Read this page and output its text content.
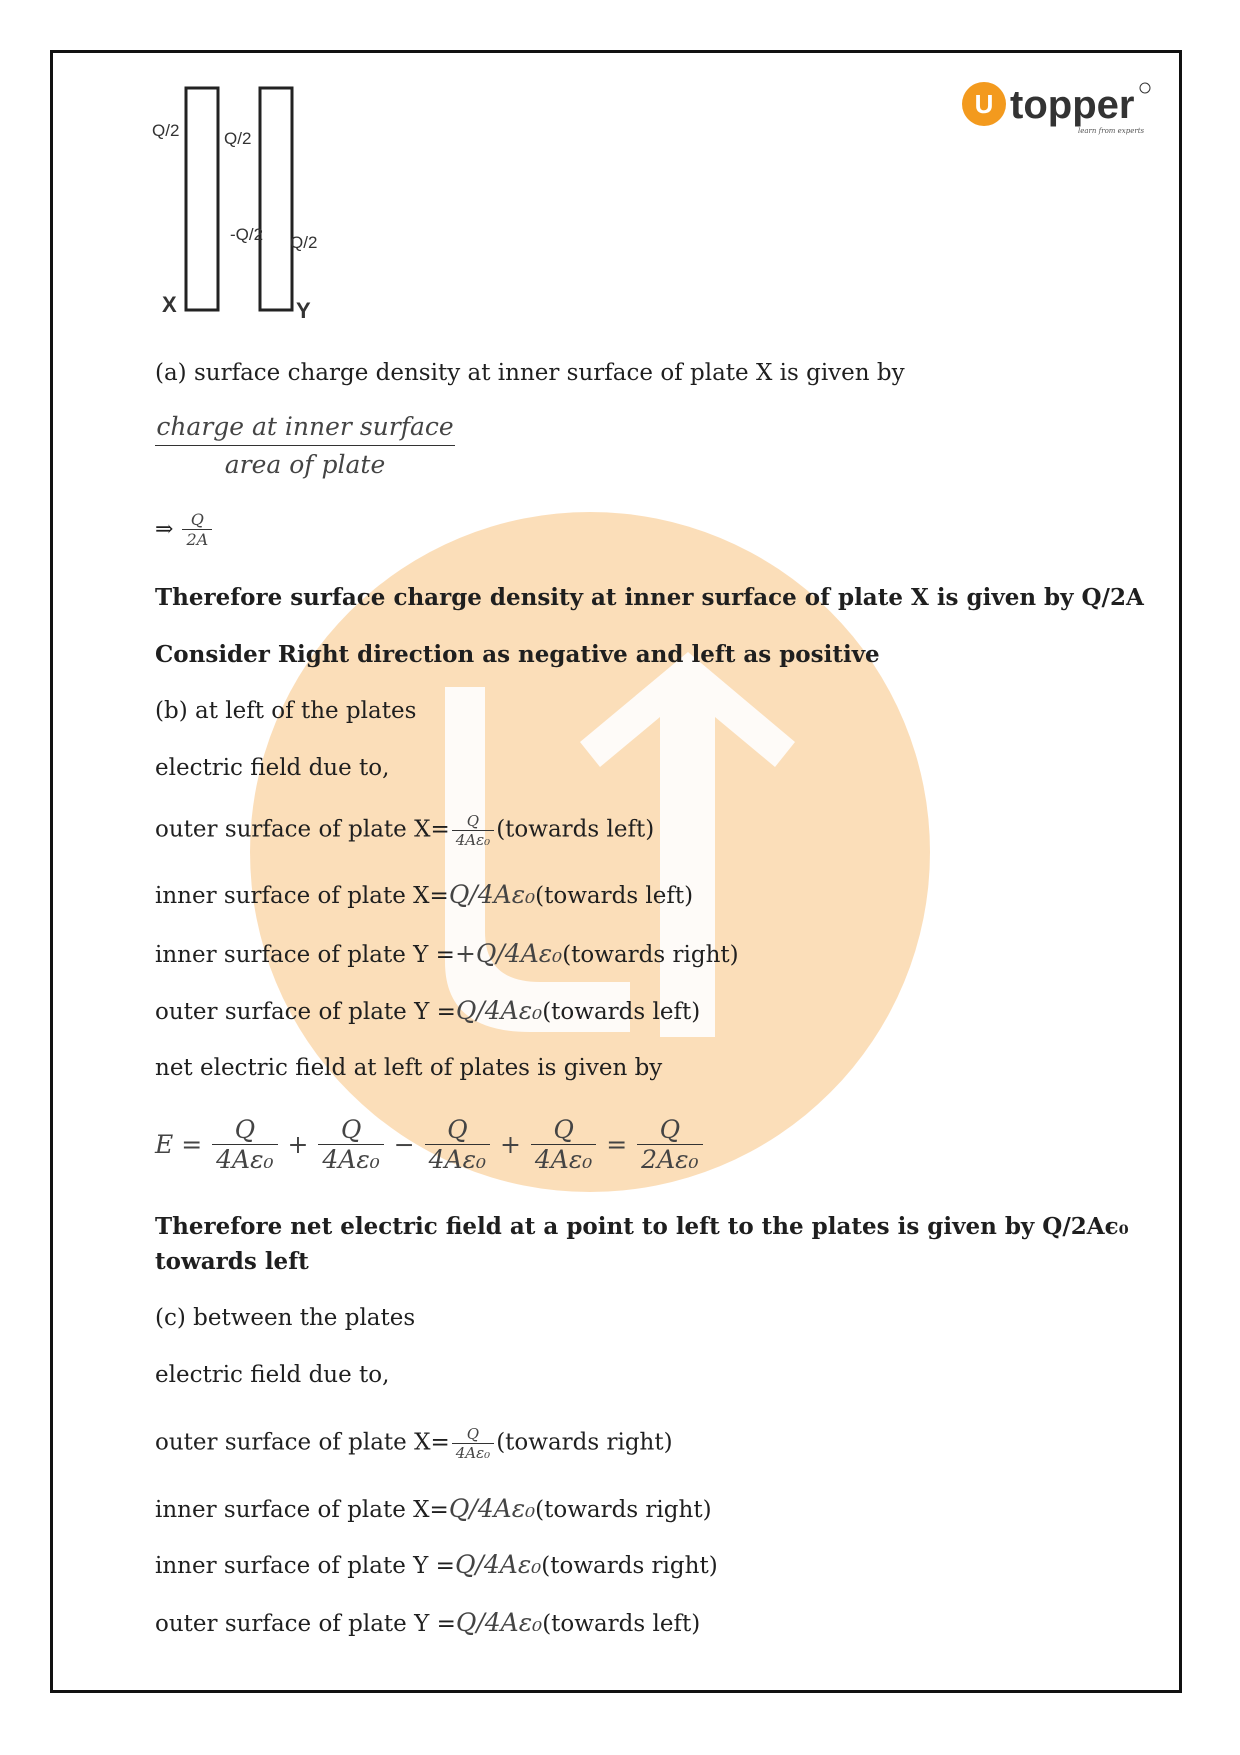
U topper
learn from experts
Q/2	Q/2
-Q/2 Q/2
X	Y
(a) surface charge density at inner surface of plate X is given by
charge at inner surface
area of plate
⇒ $\frac{Q}{2A}$
Therefore surface charge density at inner surface of plate X is given by Q/2A
Consider Right direction as negative and left as positive
(b) at left of the plates
electric field due to,
outer surface of plate $X= \frac{Q}{\text{4Aε₀}}$ (towards left)
inner surface of plate X=Q/4Aε₀(towards left)
inner surface of plate Y =+Q/4Aε₀(towards right)
outer surface of plate Y =Q/4Aε₀(towards left)
net electric field at left of plates is given by
$E = \frac{Q}{\text{4Aε₀}} + \frac{Q}{\text{4Aε₀}} - \frac{Q}{\text{4Aε₀}} + \frac{Q}{\text{4Aε₀}} = \frac{Q}{\text{2Aε₀}}$
Therefore net electric field at a point to left to the plates is given by Q/2Aϵ₀
towards left
(c) between the plates
electric field due to,
outer surface of plate $X= \frac{Q}{\text{4Aε₀}}$ (towards right)
inner surface of plate X=Q/4Aε₀(towards right)
inner surface of plate Y =Q/4Aε₀(towards right)
outer surface of plate Y =Q/4Aε₀(towards left)
